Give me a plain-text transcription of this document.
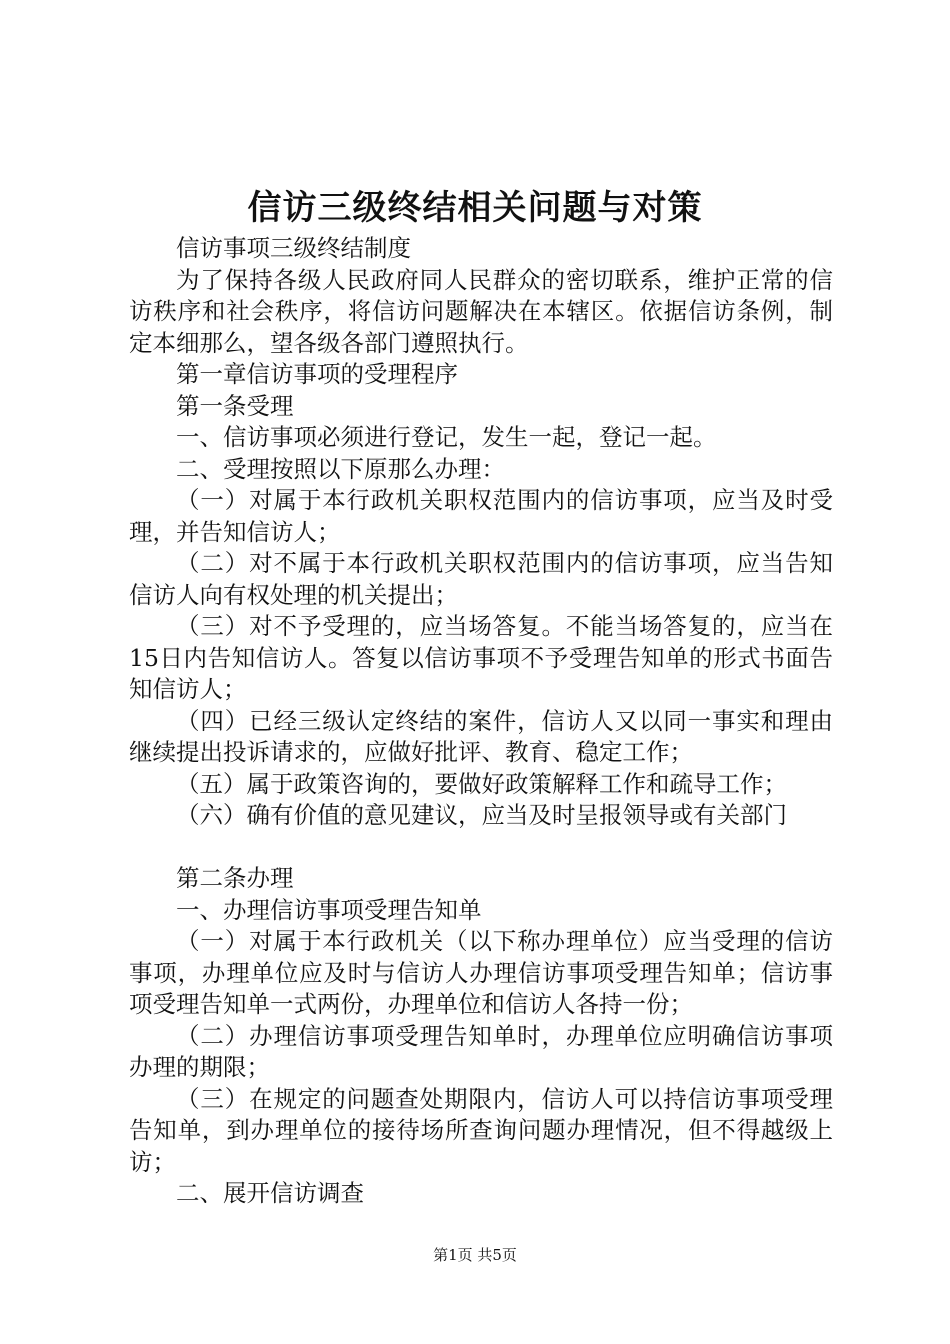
信访三级终结相关问题与对策

信访事项三级终结制度

为了保持各级人民政府同人民群众的密切联系，维护正常的信访秩序和社会秩序，将信访问题解决在本辖区。依据信访条例，制定本细那么，望各级各部门遵照执行。

第一章信访事项的受理程序

第一条受理

一、信访事项必须进行登记，发生一起，登记一起。

二、受理按照以下原那么办理：

（一）对属于本行政机关职权范围内的信访事项，应当及时受理，并告知信访人；

（二）对不属于本行政机关职权范围内的信访事项，应当告知信访人向有权处理的机关提出；

（三）对不予受理的，应当场答复。不能当场答复的，应当在15日内告知信访人。答复以信访事项不予受理告知单的形式书面告知信访人；

（四）已经三级认定终结的案件，信访人又以同一事实和理由继续提出投诉请求的，应做好批评、教育、稳定工作；

（五）属于政策咨询的，要做好政策解释工作和疏导工作；

（六）确有价值的意见建议，应当及时呈报领导或有关部门

第二条办理

一、办理信访事项受理告知单

（一）对属于本行政机关（以下称办理单位）应当受理的信访事项，办理单位应及时与信访人办理信访事项受理告知单；信访事项受理告知单一式两份，办理单位和信访人各持一份；

（二）办理信访事项受理告知单时，办理单位应明确信访事项办理的期限；

（三）在规定的问题查处期限内，信访人可以持信访事项受理告知单，到办理单位的接待场所查询问题办理情况，但不得越级上访；

二、展开信访调查

第1页 共5页
